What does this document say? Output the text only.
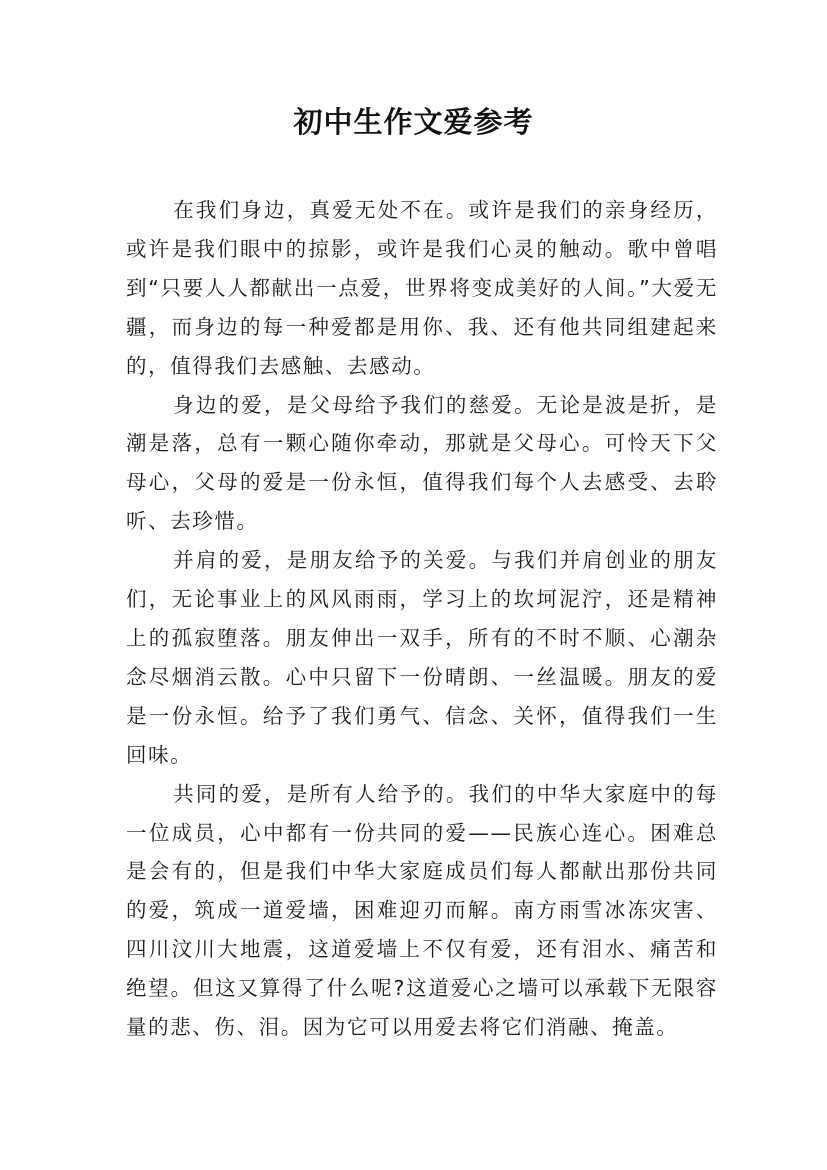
初中生作文爱参考

在我们身边，真爱无处不在。或许是我们的亲身经历，或许是我们眼中的掠影，或许是我们心灵的触动。歌中曾唱到“只要人人都献出一点爱，世界将变成美好的人间。”大爱无疆，而身边的每一种爱都是用你、我、还有他共同组建起来的，值得我们去感触、去感动。

身边的爱，是父母给予我们的慈爱。无论是波是折，是潮是落，总有一颗心随你牵动，那就是父母心。可怜天下父母心，父母的爱是一份永恒，值得我们每个人去感受、去聆听、去珍惜。

并肩的爱，是朋友给予的关爱。与我们并肩创业的朋友们，无论事业上的风风雨雨，学习上的坎坷泥泞，还是精神上的孤寂堕落。朋友伸出一双手，所有的不时不顺、心潮杂念尽烟消云散。心中只留下一份晴朗、一丝温暖。朋友的爱是一份永恒。给予了我们勇气、信念、关怀，值得我们一生回味。

共同的爱，是所有人给予的。我们的中华大家庭中的每一位成员，心中都有一份共同的爱——民族心连心。困难总是会有的，但是我们中华大家庭成员们每人都献出那份共同的爱，筑成一道爱墙，困难迎刃而解。南方雨雪冰冻灾害、四川汶川大地震，这道爱墙上不仅有爱，还有泪水、痛苦和绝望。但这又算得了什么呢?这道爱心之墙可以承载下无限容量的悲、伤、泪。因为它可以用爱去将它们消融、掩盖。
